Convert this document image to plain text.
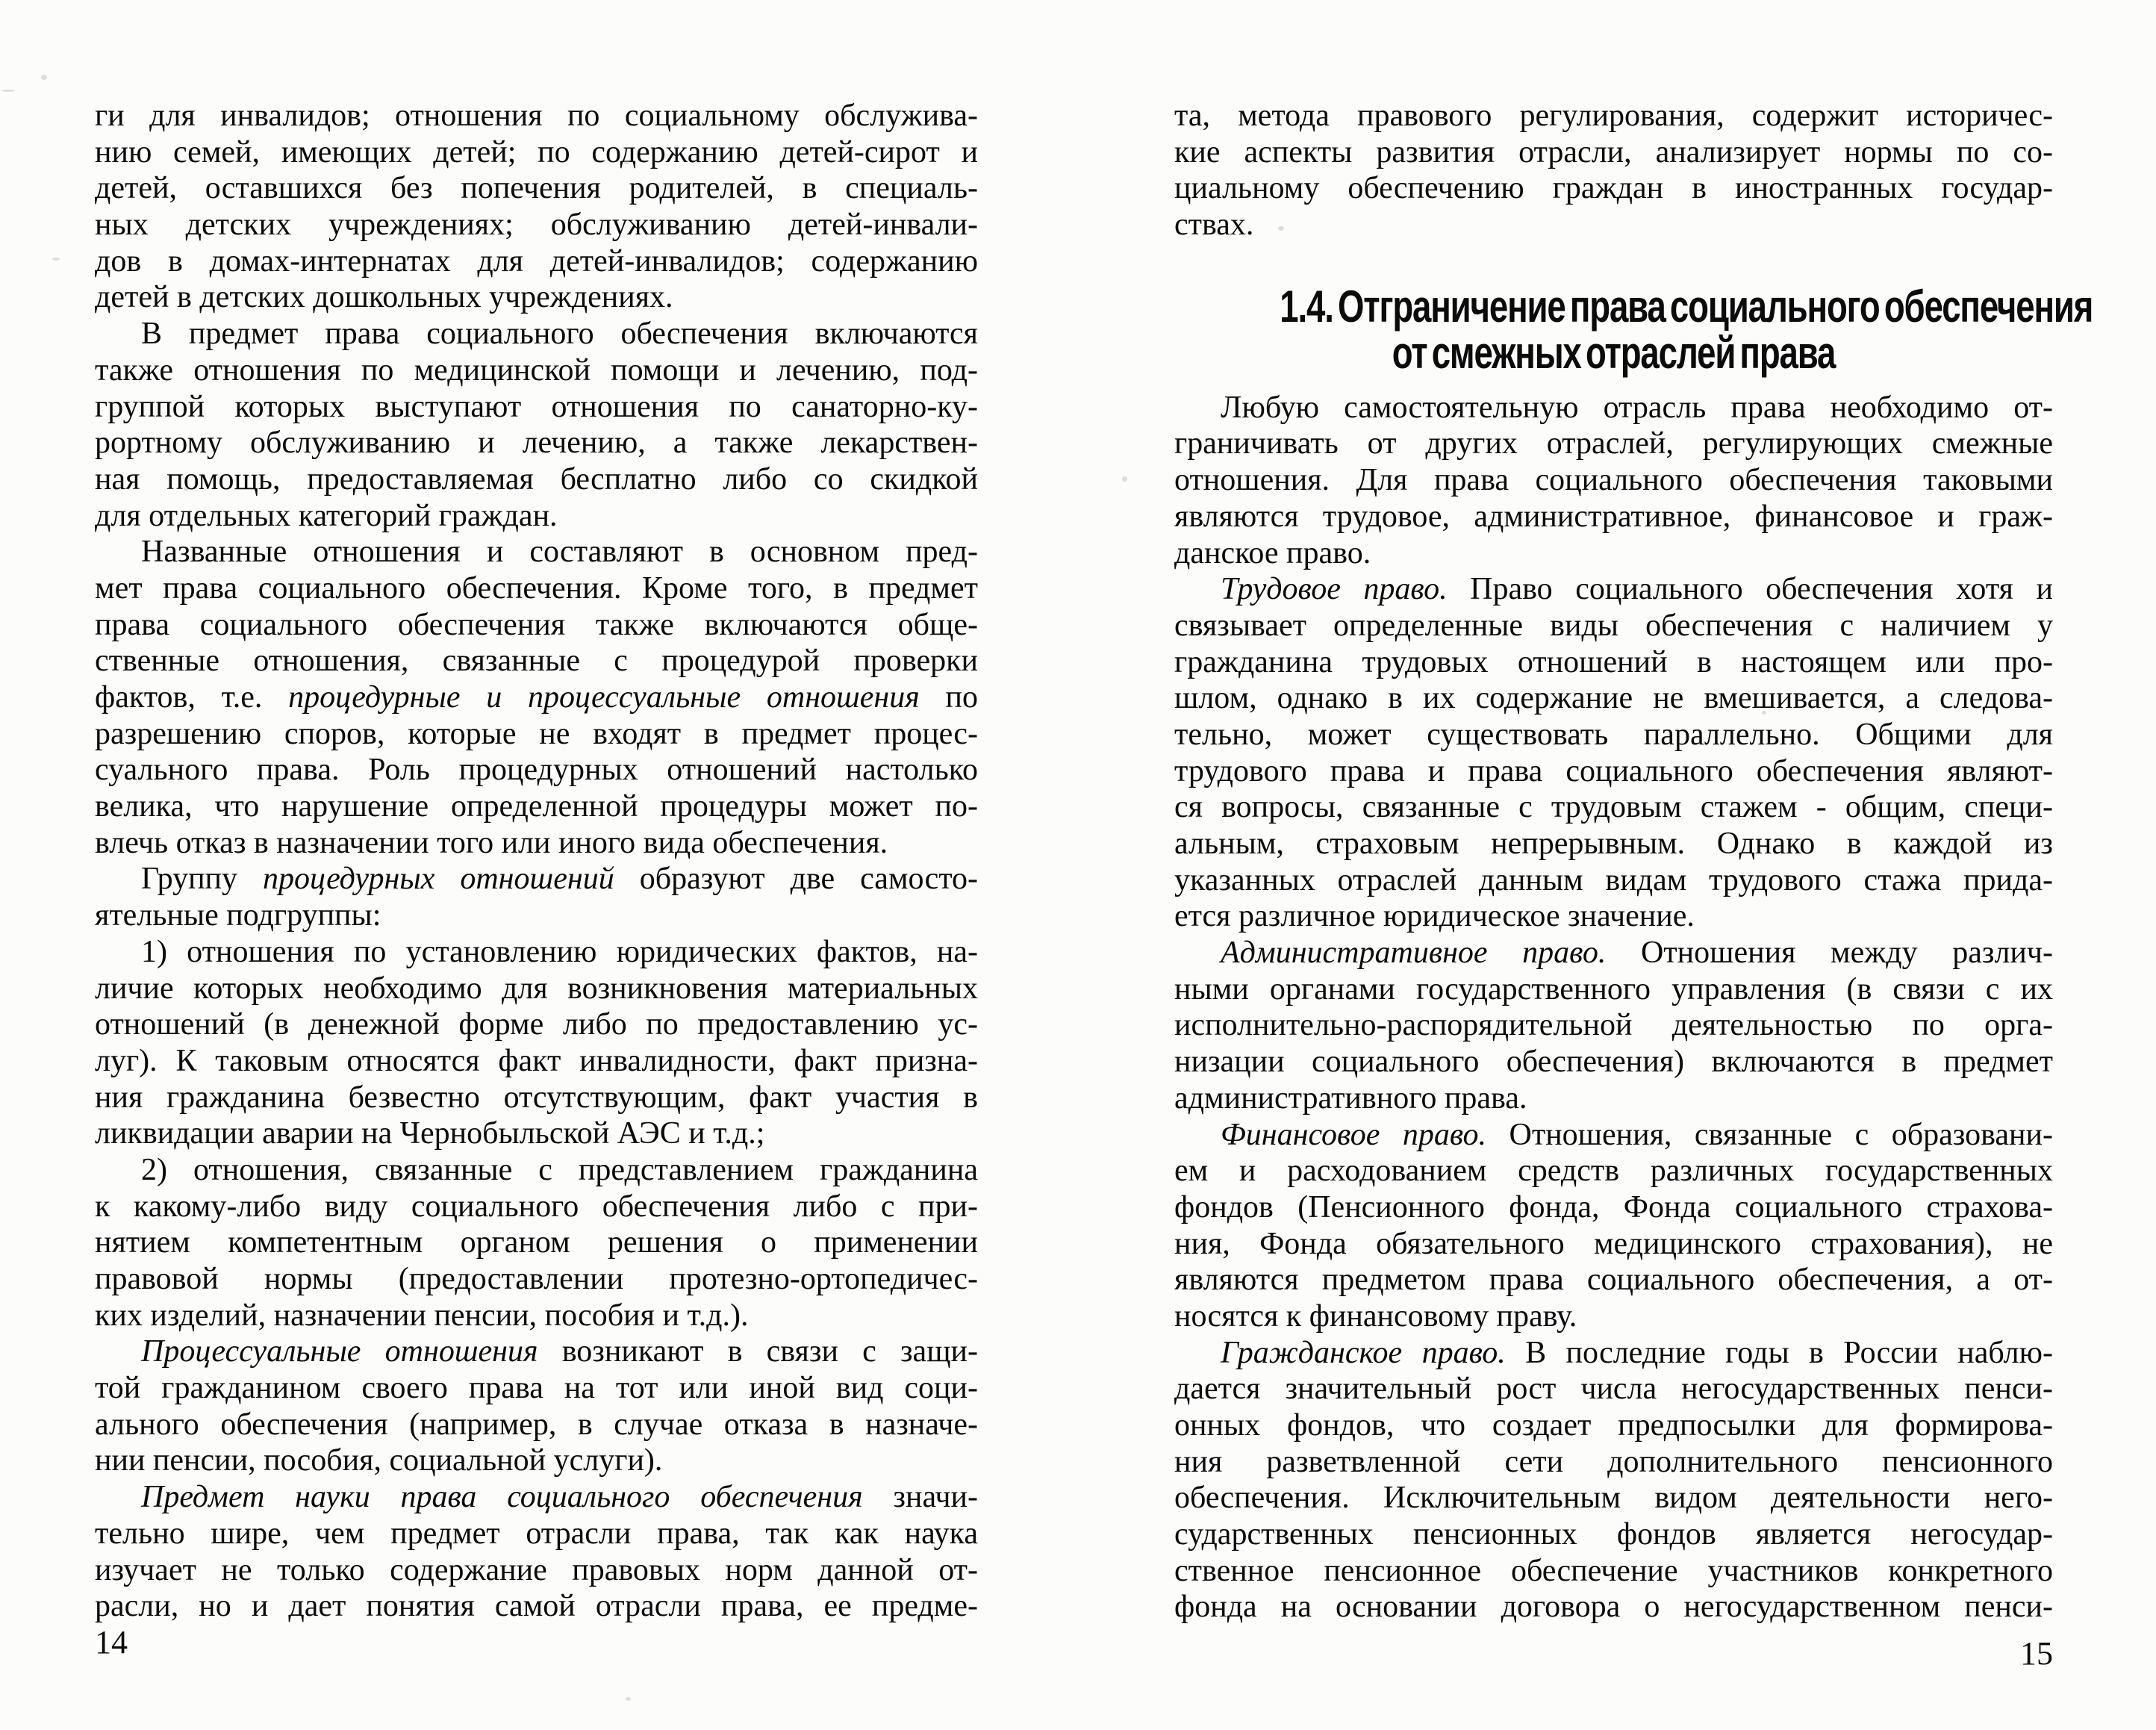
ги для инвалидов; отношения по социальному обслужива-
нию семей, имеющих детей; по содержанию детей-сирот и
детей, оставшихся без попечения родителей, в специаль-
ных детских учреждениях; обслуживанию детей-инвали-
дов в домах-интернатах для детей-инвалидов; содержанию
детей в детских дошкольных учреждениях.
В предмет права социального обеспечения включаются
также отношения по медицинской помощи и лечению, под-
группой которых выступают отношения по санаторно-ку-
рортному обслуживанию и лечению, а также лекарствен-
ная помощь, предоставляемая бесплатно либо со скидкой
для отдельных категорий граждан.
Названные отношения и составляют в основном пред-
мет права социального обеспечения. Кроме того, в предмет
права социального обеспечения также включаются обще-
ственные отношения, связанные с процедурой проверки
фактов, т.е. процедурные и процессуальные отношения по
разрешению споров, которые не входят в предмет процес-
суального права. Роль процедурных отношений настолько
велика, что нарушение определенной процедуры может по-
влечь отказ в назначении того или иного вида обеспечения.
Группу процедурных отношений образуют две самосто-
ятельные подгруппы:
1) отношения по установлению юридических фактов, на-
личие которых необходимо для возникновения материальных
отношений (в денежной форме либо по предоставлению ус-
луг). К таковым относятся факт инвалидности, факт призна-
ния гражданина безвестно отсутствующим, факт участия в
ликвидации аварии на Чернобыльской АЭС и т.д.;
2) отношения, связанные с представлением гражданина
к какому-либо виду социального обеспечения либо с при-
нятием компетентным органом решения о применении
правовой нормы (предоставлении протезно-ортопедичес-
ких изделий, назначении пенсии, пособия и т.д.).
Процессуальные отношения возникают в связи с защи-
той гражданином своего права на тот или иной вид соци-
ального обеспечения (например, в случае отказа в назначе-
нии пенсии, пособия, социальной услуги).
Предмет науки права социального обеспечения значи-
тельно шире, чем предмет отрасли права, так как наука
изучает не только содержание правовых норм данной от-
расли, но и дает понятия самой отрасли права, ее предме-
14
та, метода правового регулирования, содержит историчес-
кие аспекты развития отрасли, анализирует нормы по со-
циальному обеспечению граждан в иностранных государ-
ствах.
1.4. Отграничение права социального обеспечения
от смежных отраслей права
Любую самостоятельную отрасль права необходимо от-
граничивать от других отраслей, регулирующих смежные
отношения. Для права социального обеспечения таковыми
являются трудовое, административное, финансовое и граж-
данское право.
Трудовое право. Право социального обеспечения хотя и
связывает определенные виды обеспечения с наличием у
гражданина трудовых отношений в настоящем или про-
шлом, однако в их содержание не вмешивается, а следова-
тельно, может существовать параллельно. Общими для
трудового права и права социального обеспечения являют-
ся вопросы, связанные с трудовым стажем - общим, специ-
альным, страховым непрерывным. Однако в каждой из
указанных отраслей данным видам трудового стажа прида-
ется различное юридическое значение.
Административное право. Отношения между различ-
ными органами государственного управления (в связи с их
исполнительно-распорядительной деятельностью по орга-
низации социального обеспечения) включаются в предмет
административного права.
Финансовое право. Отношения, связанные с образовани-
ем и расходованием средств различных государственных
фондов (Пенсионного фонда, Фонда социального страхова-
ния, Фонда обязательного медицинского страхования), не
являются предметом права социального обеспечения, а от-
носятся к финансовому праву.
Гражданское право. В последние годы в России наблю-
дается значительный рост числа негосударственных пенси-
онных фондов, что создает предпосылки для формирова-
ния разветвленной сети дополнительного пенсионного
обеспечения. Исключительным видом деятельности него-
сударственных пенсионных фондов является негосудар-
ственное пенсионное обеспечение участников конкретного
фонда на основании договора о негосударственном пенси-
15
